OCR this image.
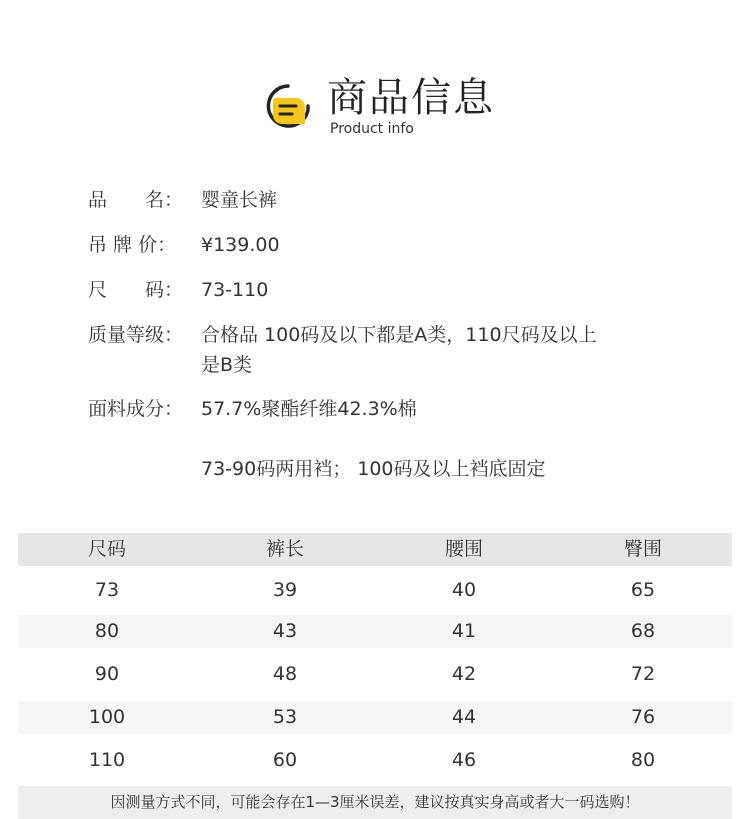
商品信息
Product info
品　　名： 婴童长裤
吊 牌 价：	¥139.00
尺　　码： 73-110
质量等级： 合格品 100码及以下都是A类，110尺码及以上
是B类
面料成分： 57.7%聚酯纤维42.3%棉
73-90码两用裆； 100码及以上裆底固定
尺码	裤长	腰围	臀围
73	39	40	65
80	43	41	68
90	48	42	72
100	53	44	76
110	60	46	80
因测量方式不同，可能会存在1—3厘米误差，建议按真实身高或者大一码选购！
